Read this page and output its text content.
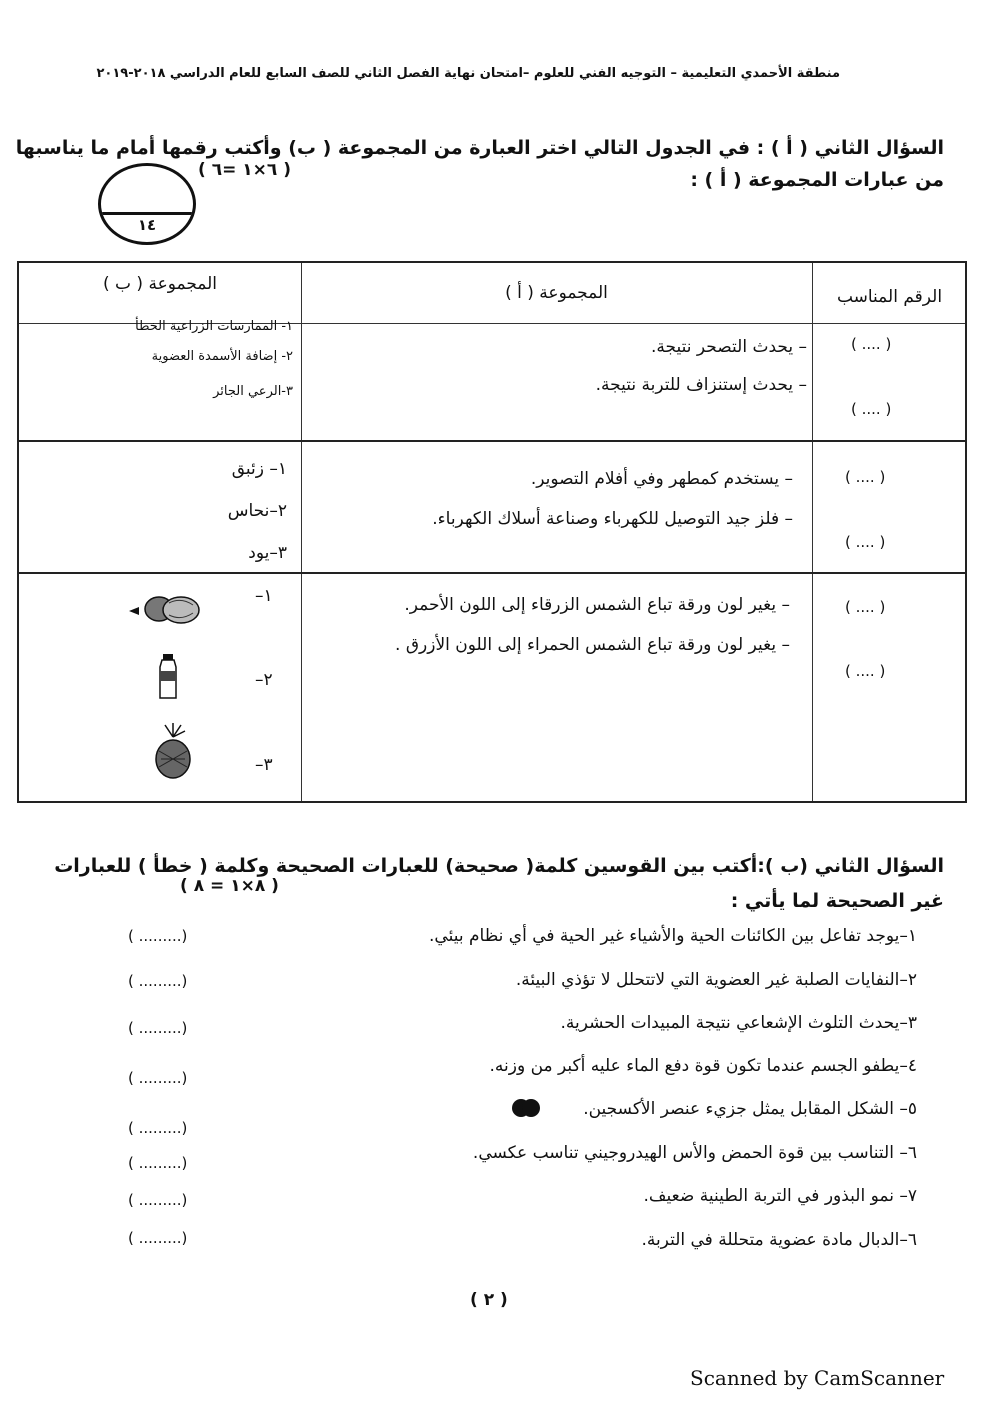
منطقة الأحمدي التعليمية – التوجيه الفني للعلوم –امتحان نهاية الفصل الثاني للصف السابع للعام الدراسي ٢٠١٨-٢٠١٩
السؤال الثاني ( أ ) : في الجدول التالي اختر العبارة من المجموعة ( ب) وأكتب رقمها أمام ما يناسبها
من عبارات المجموعة ( أ ) :
( ٦×١ =٦ )
١٤
المجموعة ( ب )	المجموعة ( أ )	الرقم المناسب
– يحدث التصحر نتيجة.
– يحدث إستنزاف للتربة نتيجة.
( .... )
( .... )
١- الممارسات الزراعية الخطأ
٢- إضافة الأسمدة العضوية
٣-الرعي الجائر
– يستخدم كمطهر وفي أفلام التصوير.
– فلز جيد التوصيل للكهرباء وصناعة أسلاك الكهرباء.
( .... )
( .... )
١– زئبق
٢–نحاس
٣–يود
– يغير لون ورقة تباع الشمس الزرقاء إلى اللون الأحمر.
– يغير لون ورقة تباع الشمس الحمراء إلى اللون الأزرق .
( .... )
( .... )
–١
–٢
–٣
السؤال الثاني (ب ):أكتب بين القوسين كلمة( صحيحة) للعبارات الصحيحة وكلمة ( خطأ ) للعبارات
غير الصحيحة لما يأتي :
( ٨×١ = ٨ )
١–يوجد تفاعل بين الكائنات الحية والأشياء غير الحية في أي نظام بيئي.
٢–النفايات الصلبة غير العضوية التي لاتتحلل لا تؤذي البيئة.
٣–يحدث التلوث الإشعاعي نتيجة المبيدات الحشرية.
٤–يطفو الجسم عندما تكون قوة دفع الماء عليه أكبر من وزنه.
٥– الشكل المقابل يمثل جزيء عنصر الأكسجين.
٦– التناسب بين قوة الحمض والأس الهيدروجيني تناسب عكسي.
٧– نمو البذور في التربة الطينية ضعيف.
٦–الدبال مادة عضوية متحللة في التربة.
( .........)
( .........)
( .........)
( .........)
( .........)
( .........)
( .........)
( .........)
( ٢ )
Scanned by CamScanner
